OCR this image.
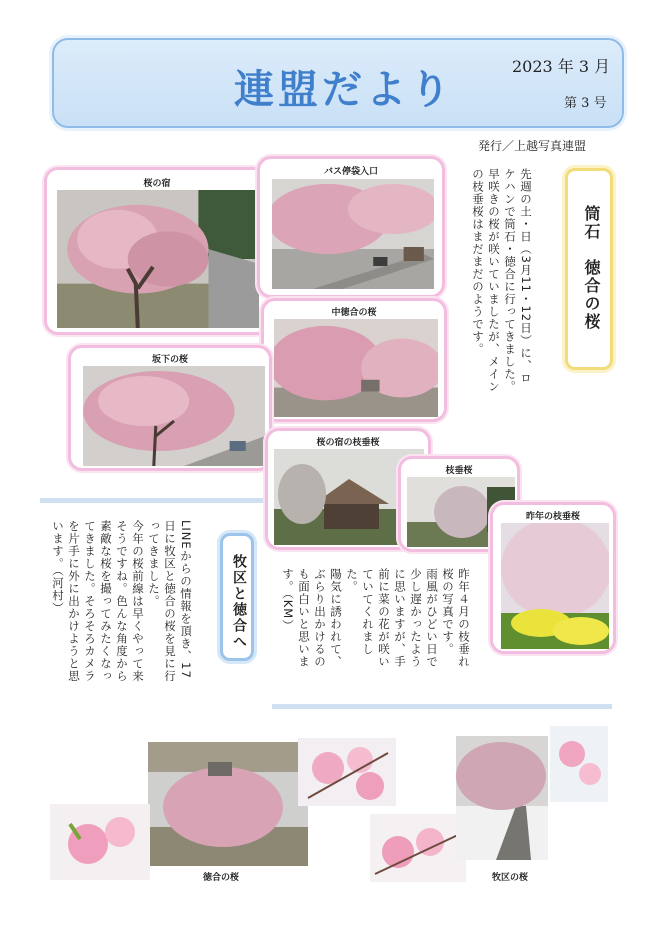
連盟だより
2023 年 3 月
第 3 号
発行／上越写真連盟
筒石　徳合の桜

先週の土・日（3月11・12日）に、ロケハンで筒石・徳合に行ってきました。

早咲きの桜が咲いていましたが、メインの枝垂桜はまだまだのようです。

牧区と徳合へ

LINEからの情報を頂き、17日に牧区と徳合の桜を見に行ってきました。

今年の桜前線は早くやって来そうですね。色んな角度から素敵な桜を撮ってみたくなってきました。そろそろカメラを片手に外に出かけようと思います。（河村）

昨年４月の枝垂れ桜の写真です。

雨風がひどい日で少し遅かったように思いますが、手前に菜の花が咲いていてくれました。

陽気に誘われて、ぶらり出かけるのも面白いと思います。（KM）

桜の宿
バス停袋入口
中徳合の桜
坂下の桜
桜の宿の枝垂桜
枝垂桜
昨年の枝垂桜
徳合の桜	牧区の桜
